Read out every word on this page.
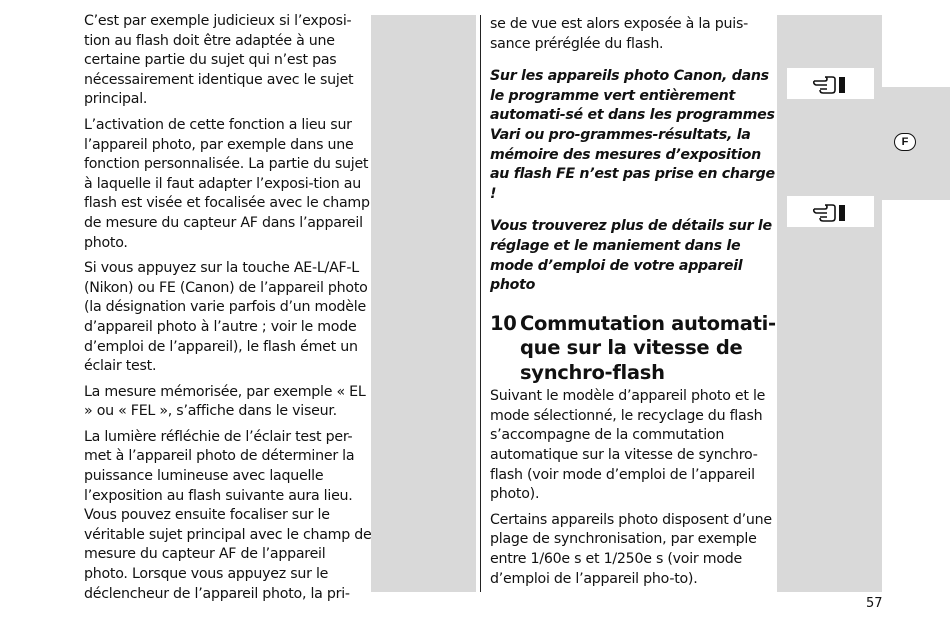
C’est par exemple judicieux si l’exposi-tion au flash doit être adaptée à une certaine partie du sujet qui n’est pas nécessairement identique avec le sujet principal.

L’activation de cette fonction a lieu sur l’appareil photo, par exemple dans une fonction personnalisée. La partie du sujet à laquelle il faut adapter l’exposi-tion au flash est visée et focalisée avec le champ de mesure du capteur AF dans l’appareil photo.

Si vous appuyez sur la touche AE-L/AF-L (Nikon) ou FE (Canon) de l’appareil photo (la désignation varie parfois d’un modèle d’appareil photo à l’autre ; voir le mode d’emploi de l’appareil), le flash émet un éclair test.

La mesure mémorisée, par exemple « EL » ou « FEL », s’affiche dans le viseur.

La lumière réfléchie de l’éclair test per-met à l’appareil photo de déterminer la puissance lumineuse avec laquelle l’exposition au flash suivante aura lieu. Vous pouvez ensuite focaliser sur le véritable sujet principal avec le champ de mesure du capteur AF de l’appareil photo. Lorsque vous appuyez sur le déclencheur de l’appareil photo, la pri-

se de vue est alors exposée à la puis-sance préréglée du flash.

Sur les appareils photo Canon, dans le programme vert entièrement automati-sé et dans les programmes Vari ou pro-grammes-résultats, la mémoire des mesures d’exposition au flash FE n’est pas prise en charge !

Vous trouverez plus de détails sur le réglage et le maniement dans le mode d’emploi de votre appareil photo

10 Commutation automati-que sur la vitesse de synchro-flash

Suivant le modèle d’appareil photo et le mode sélectionné, le recyclage du flash s’accompagne de la commutation automatique sur la vitesse de synchro-flash (voir mode d’emploi de l’appareil photo).

Certains appareils photo disposent d’une plage de synchronisation, par exemple entre 1/60e s et 1/250e s (voir mode d’emploi de l’appareil pho-to).

F
57
